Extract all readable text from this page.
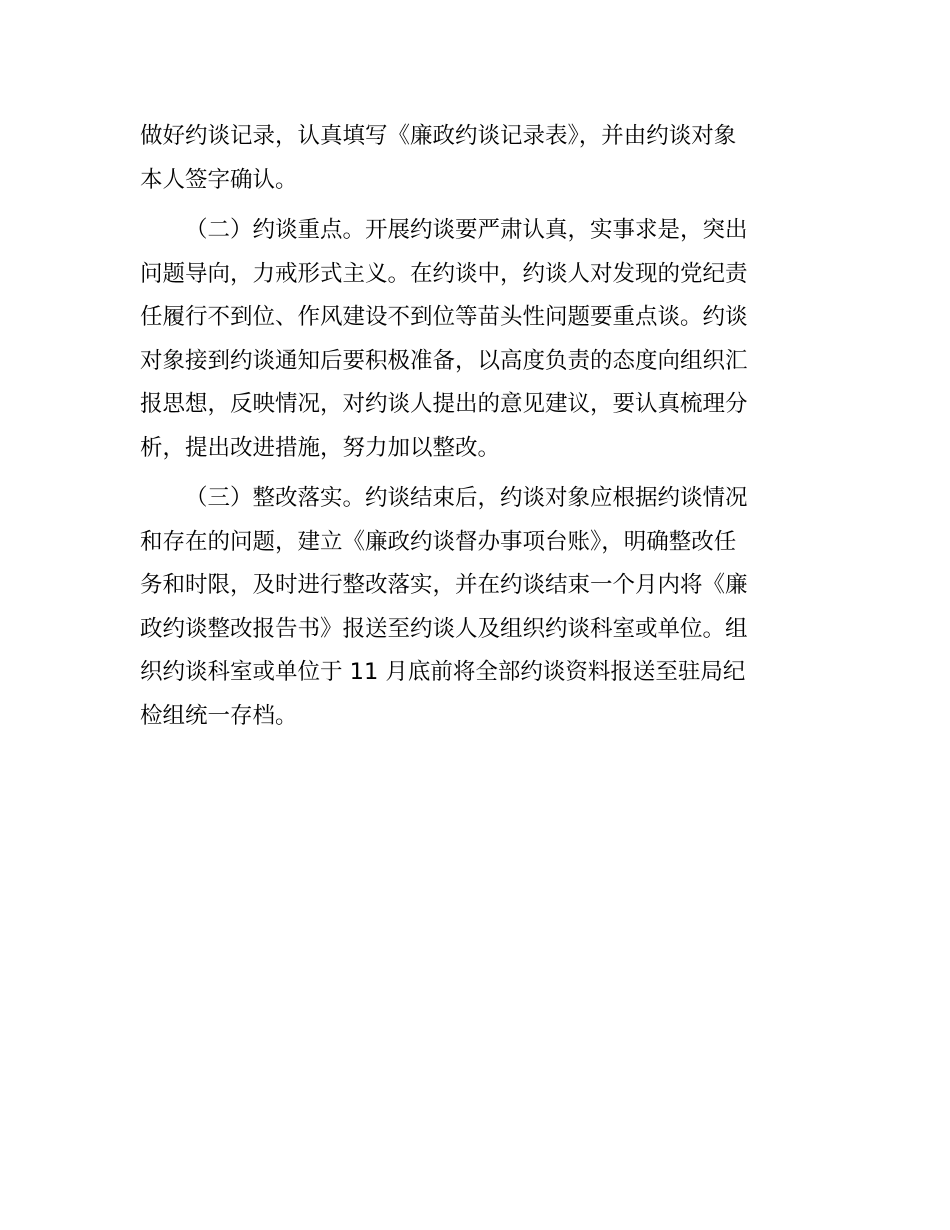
做好约谈记录，认真填写《廉政约谈记录表》，并由约谈对象
本人签字确认。

（二）约谈重点。开展约谈要严肃认真，实事求是，突出
问题导向，力戒形式主义。在约谈中，约谈人对发现的党纪责
任履行不到位、作风建设不到位等苗头性问题要重点谈。约谈
对象接到约谈通知后要积极准备，以高度负责的态度向组织汇
报思想，反映情况，对约谈人提出的意见建议，要认真梳理分
析，提出改进措施，努力加以整改。

（三）整改落实。约谈结束后，约谈对象应根据约谈情况
和存在的问题，建立《廉政约谈督办事项台账》，明确整改任
务和时限，及时进行整改落实，并在约谈结束一个月内将《廉
政约谈整改报告书》报送至约谈人及组织约谈科室或单位。组
织约谈科室或单位于 11 月底前将全部约谈资料报送至驻局纪
检组统一存档。
